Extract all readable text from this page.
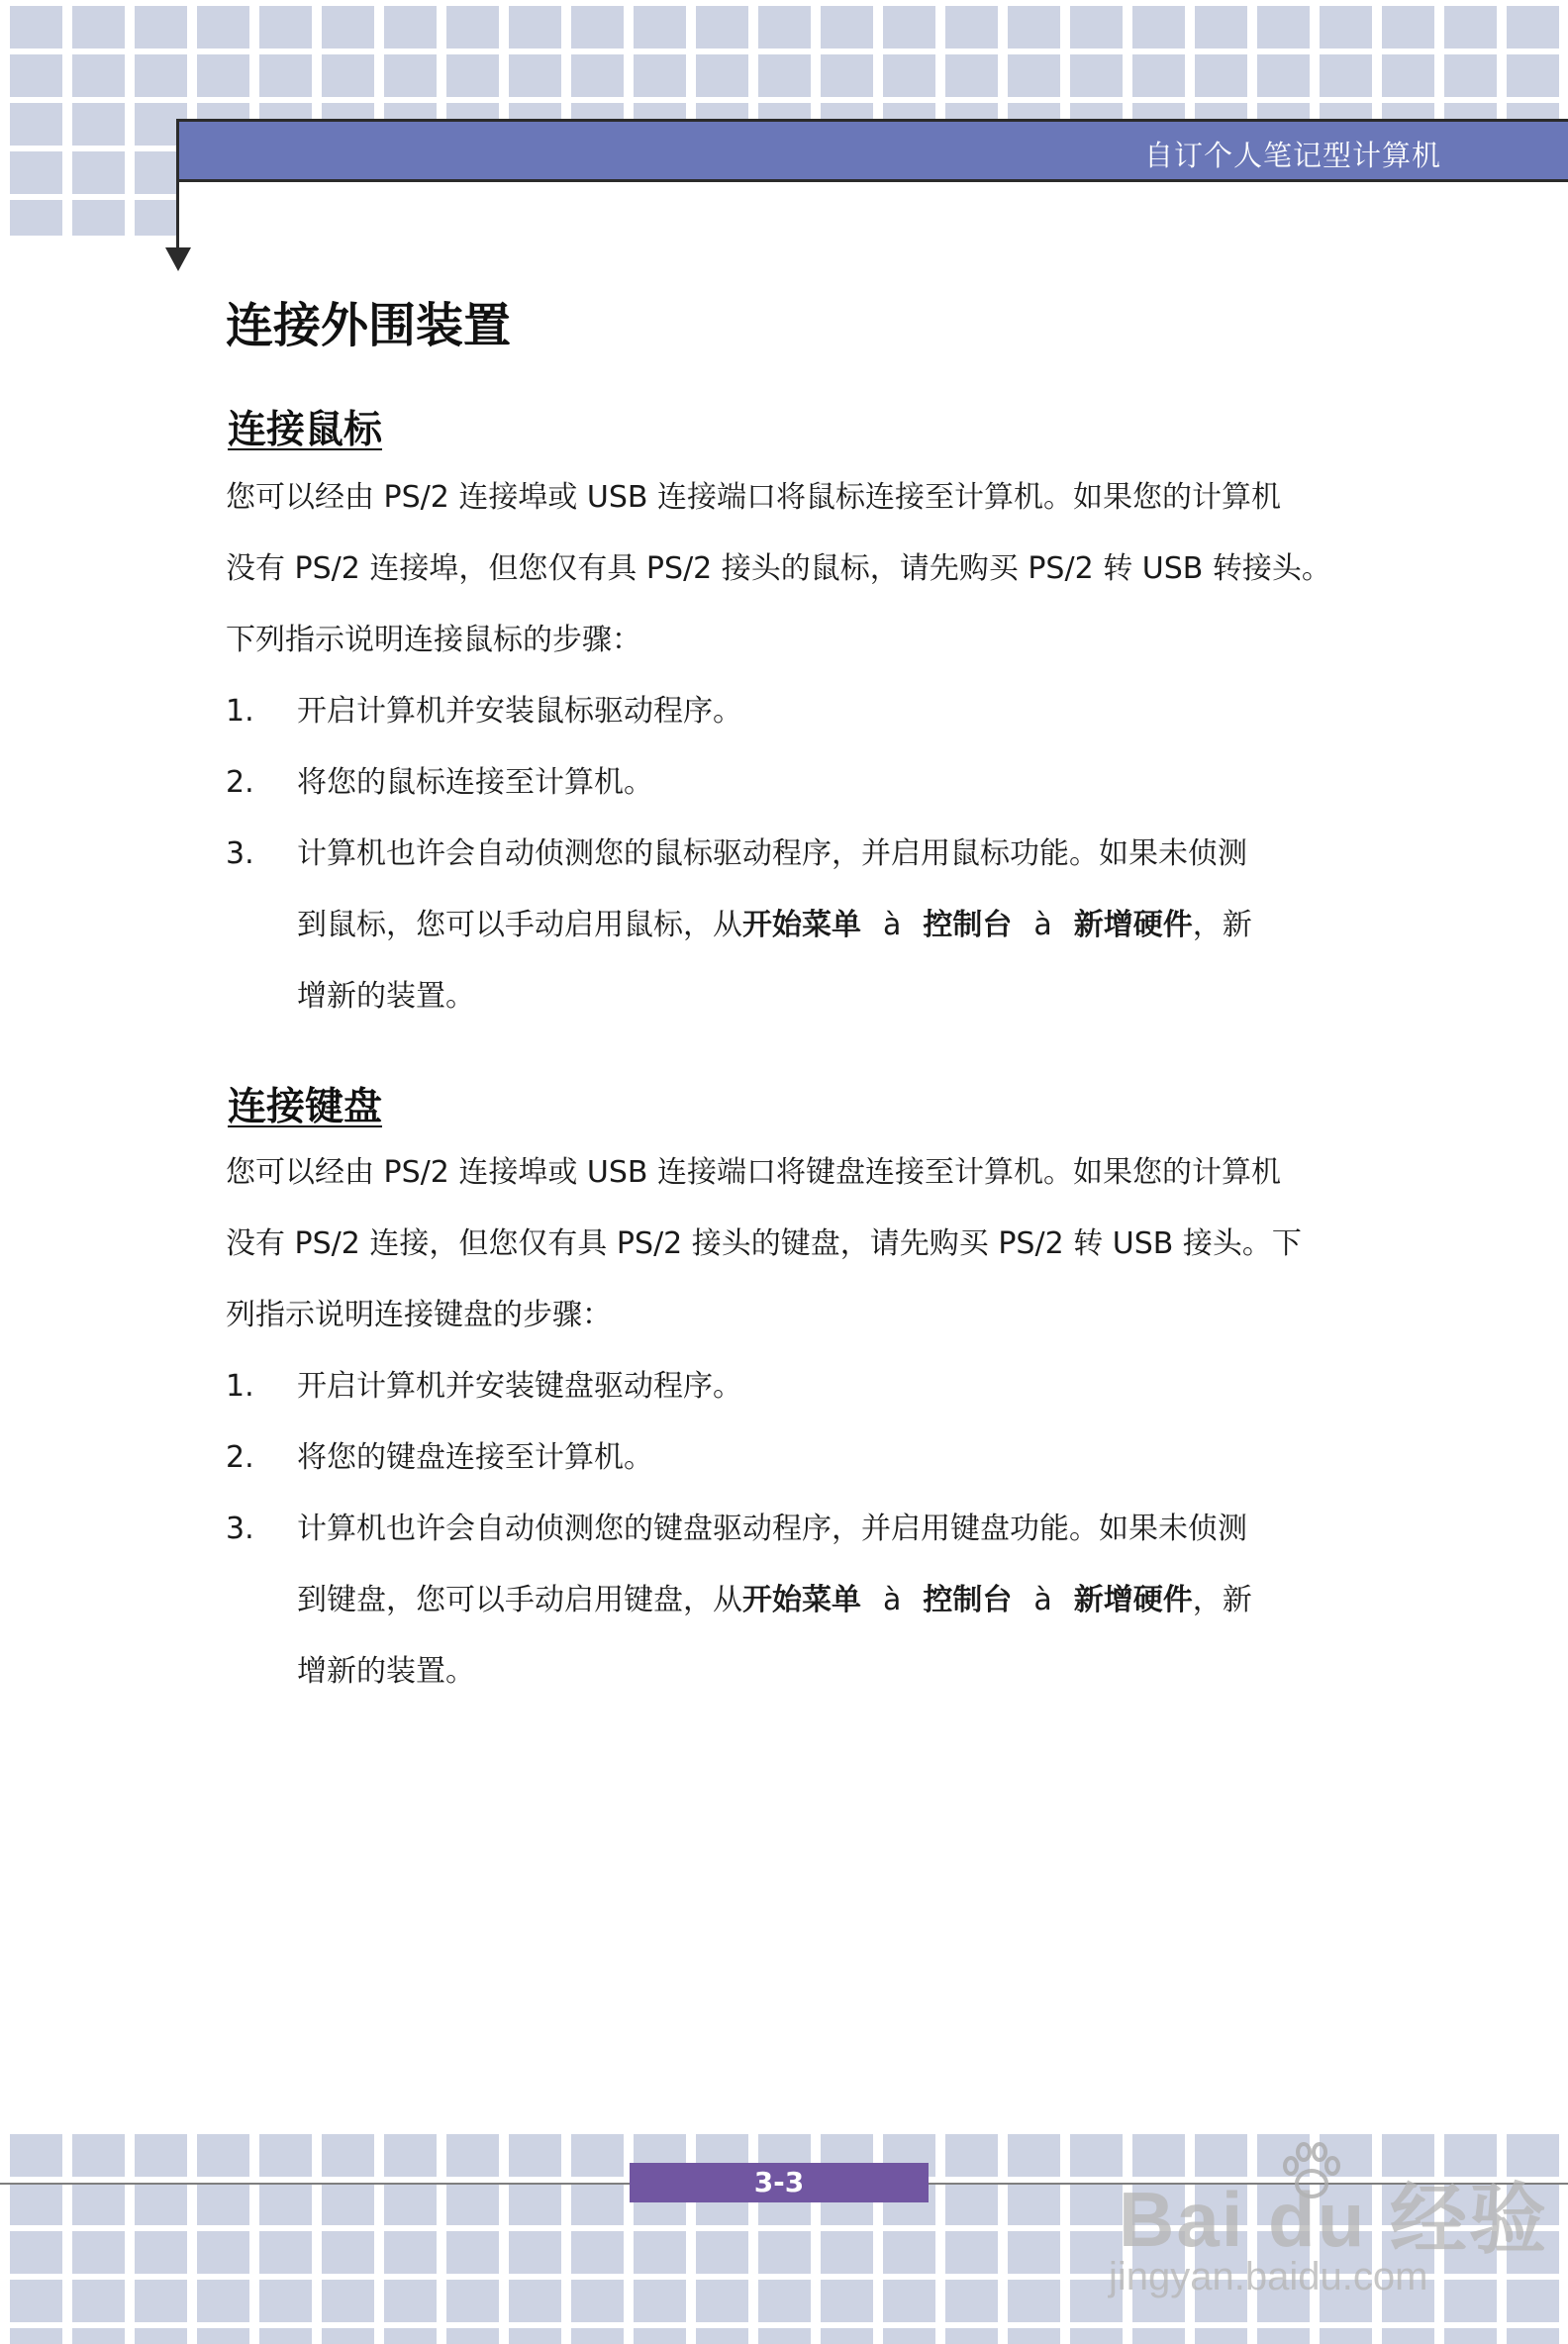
自订个人笔记型计算机
连接外围装置
连接鼠标
您可以经由 PS/2 连接埠或 USB 连接端口将鼠标连接至计算机。如果您的计算机
没有 PS/2 连接埠，但您仅有具 PS/2 接头的鼠标，请先购买 PS/2 转 USB 转接头。
下列指示说明连接鼠标的步骤：
1.	开启计算机并安装鼠标驱动程序。
2.	将您的鼠标连接至计算机。
3.	计算机也许会自动侦测您的鼠标驱动程序，并启用鼠标功能。如果未侦测
到鼠标，您可以手动启用鼠标，从开始菜单 à 控制台 à 新增硬件，新
增新的装置。
连接键盘
您可以经由 PS/2 连接埠或 USB 连接端口将键盘连接至计算机。如果您的计算机
没有 PS/2 连接，但您仅有具 PS/2 接头的键盘，请先购买 PS/2 转 USB 接头。下
列指示说明连接键盘的步骤：
1.	开启计算机并安装键盘驱动程序。
2.	将您的键盘连接至计算机。
3.	计算机也许会自动侦测您的键盘驱动程序，并启用键盘功能。如果未侦测
到键盘，您可以手动启用键盘，从开始菜单 à 控制台 à 新增硬件，新
增新的装置。
3-3	Bai du 经验
jingyan.baidu.com
